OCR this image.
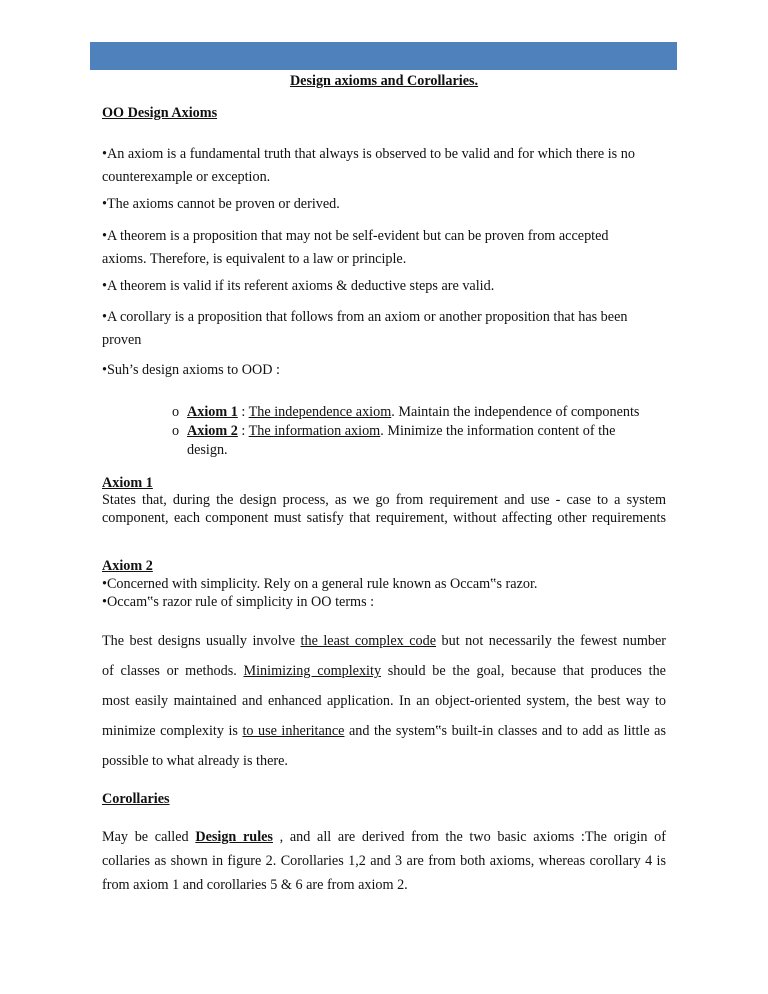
Design axioms and Corollaries.
OO Design Axioms
•An axiom is a fundamental truth that always is observed to be valid and for which there is no
counterexample or exception.
•The axioms cannot be proven or derived.
•A theorem is a proposition that may not be self-evident but can be proven from accepted
axioms. Therefore, is equivalent to a law or principle.
•A theorem is valid if its referent axioms & deductive steps are valid.
•A corollary is a proposition that follows from an axiom or another proposition that has been
proven
•Suh’s design axioms to OOD :
o Axiom 1 : The independence axiom. Maintain the independence of components
o Axiom 2 : The information axiom. Minimize the information content of the
design.
Axiom 1
States that, during the design process, as we go from requirement and use - case to a system
component, each component must satisfy that requirement, without affecting other requirements
Axiom 2
•Concerned with simplicity. Rely on a general rule known as Occam‟s razor.
•Occam‟s razor rule of simplicity in OO terms :
The best designs usually involve the least complex code but not necessarily the fewest number
of classes or methods. Minimizing complexity should be the goal, because that produces the
most easily maintained and enhanced application. In an object-oriented system, the best way to
minimize complexity is to use inheritance and the system‟s built-in classes and to add as little as
possible to what already is there.
Corollaries
May be called Design rules , and all are derived from the two basic axioms :The origin of
collaries as shown in figure 2. Corollaries 1,2 and 3 are from both axioms, whereas corollary 4 is
from axiom 1 and corollaries 5 & 6 are from axiom 2.
